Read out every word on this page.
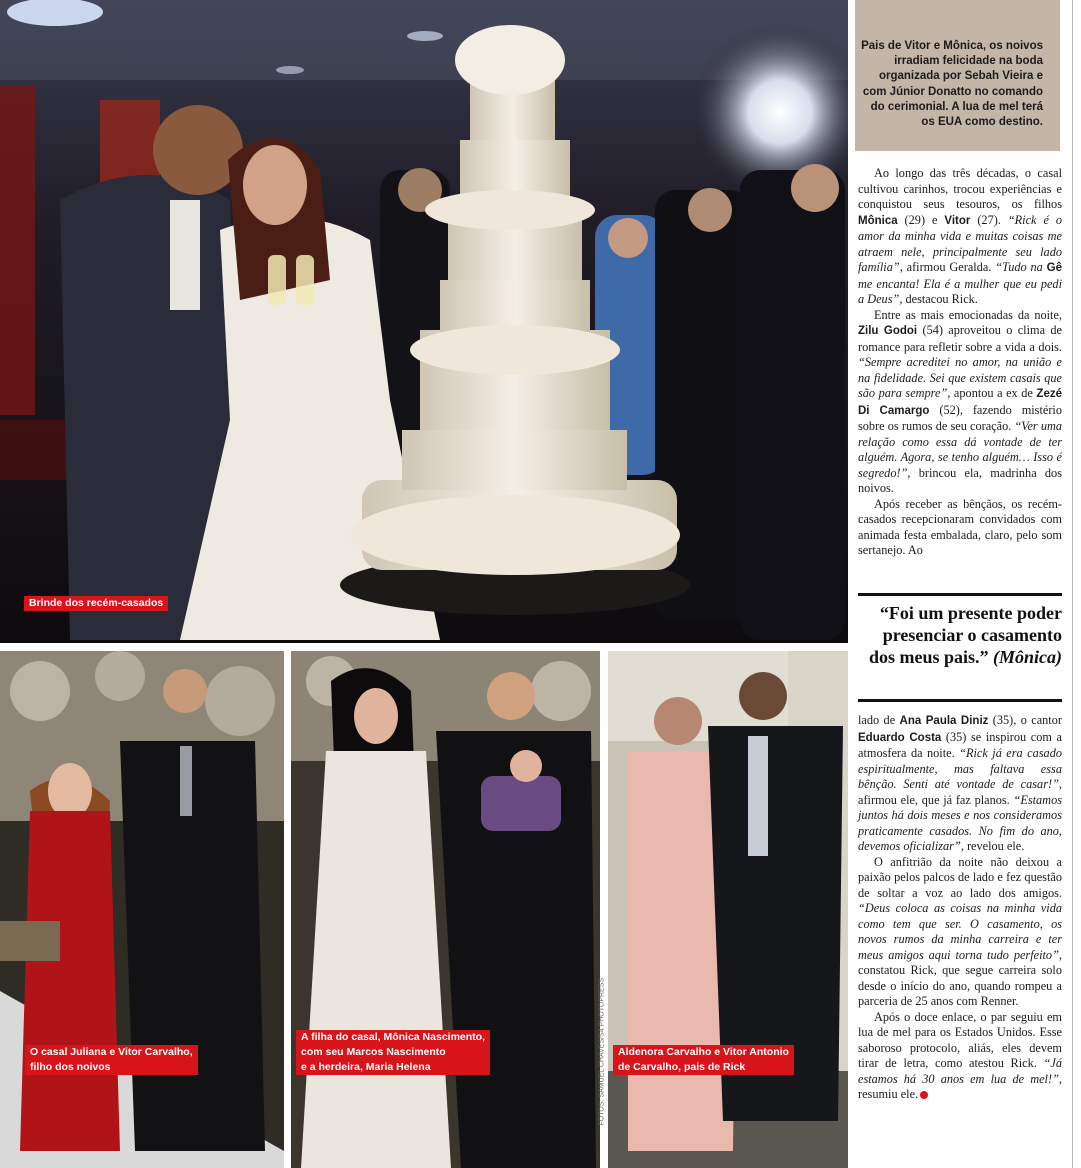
Brinde dos recém-casados

Pais de Vitor e Mônica, os noivos irradiam felicidade na boda organizada por Sebah Vieira e com Júnior Donatto no comando do cerimonial. A lua de mel terá os EUA como destino.

Ao longo das três décadas, o casal cultivou carinhos, trocou experiências e conquistou seus tesouros, os filhos Mônica (29) e Vitor (27). “Rick é o amor da minha vida e muitas coisas me atraem nele, principalmente seu lado família”, afirmou Geralda. “Tudo na Gê me encanta! Ela é a mulher que eu pedi a Deus”, destacou Rick.

Entre as mais emocionadas da noite, Zilu Godoi (54) aproveitou o clima de romance para refletir sobre a vida a dois. “Sempre acreditei no amor, na união e na fidelidade. Sei que existem casais que são para sempre”, apontou a ex de Zezé Di Camargo (52), fazendo mistério sobre os rumos de seu coração. “Ver uma relação como essa dá vontade de ter alguém. Agora, se tenho alguém… Isso é segredo!”, brincou ela, madrinha dos noivos.

Após receber as bênçãos, os recém-casados recepcionaram convidados com animada festa embalada, claro, pelo som sertanejo. Ao

“Foi um presente poder presenciar o casamento dos meus pais.” (Mônica)

lado de Ana Paula Diniz (35), o cantor Eduardo Costa (35) se inspirou com a atmosfera da noite. “Rick já era casado espiritualmente, mas faltava essa bênção. Senti até vontade de casar!”, afirmou ele, que já faz planos. “Estamos juntos há dois meses e nos consideramos praticamente casados. No fim do ano, devemos oficializar”, revelou ele.

O anfitrião da noite não deixou a paixão pelos palcos de lado e fez questão de soltar a voz ao lado dos amigos. “Deus coloca as coisas na minha vida como tem que ser. O casamento, os novos rumos da minha carreira e ter meus amigos aqui torna tudo perfeito”, constatou Rick, que segue carreira solo desde o início do ano, quando rompeu a parceria de 25 anos com Renner.

Após o doce enlace, o par seguiu em lua de mel para os Estados Unidos. Esse saboroso protocolo, aliás, eles devem tirar de letra, como atestou Rick. “Já estamos há 30 anos em lua de mel!”, resumiu ele.

O casal Juliana e Vitor Carvalho,
filho dos noivos
A filha do casal, Mônica Nascimento,
com seu Marcos Nascimento
e a herdeira, Maria Helena	FOTOS: SAMUEL CHAVES/S4 PHOTOPRESS Aldenora Carvalho e Vitor Antonio
de Carvalho, pais de Rick
